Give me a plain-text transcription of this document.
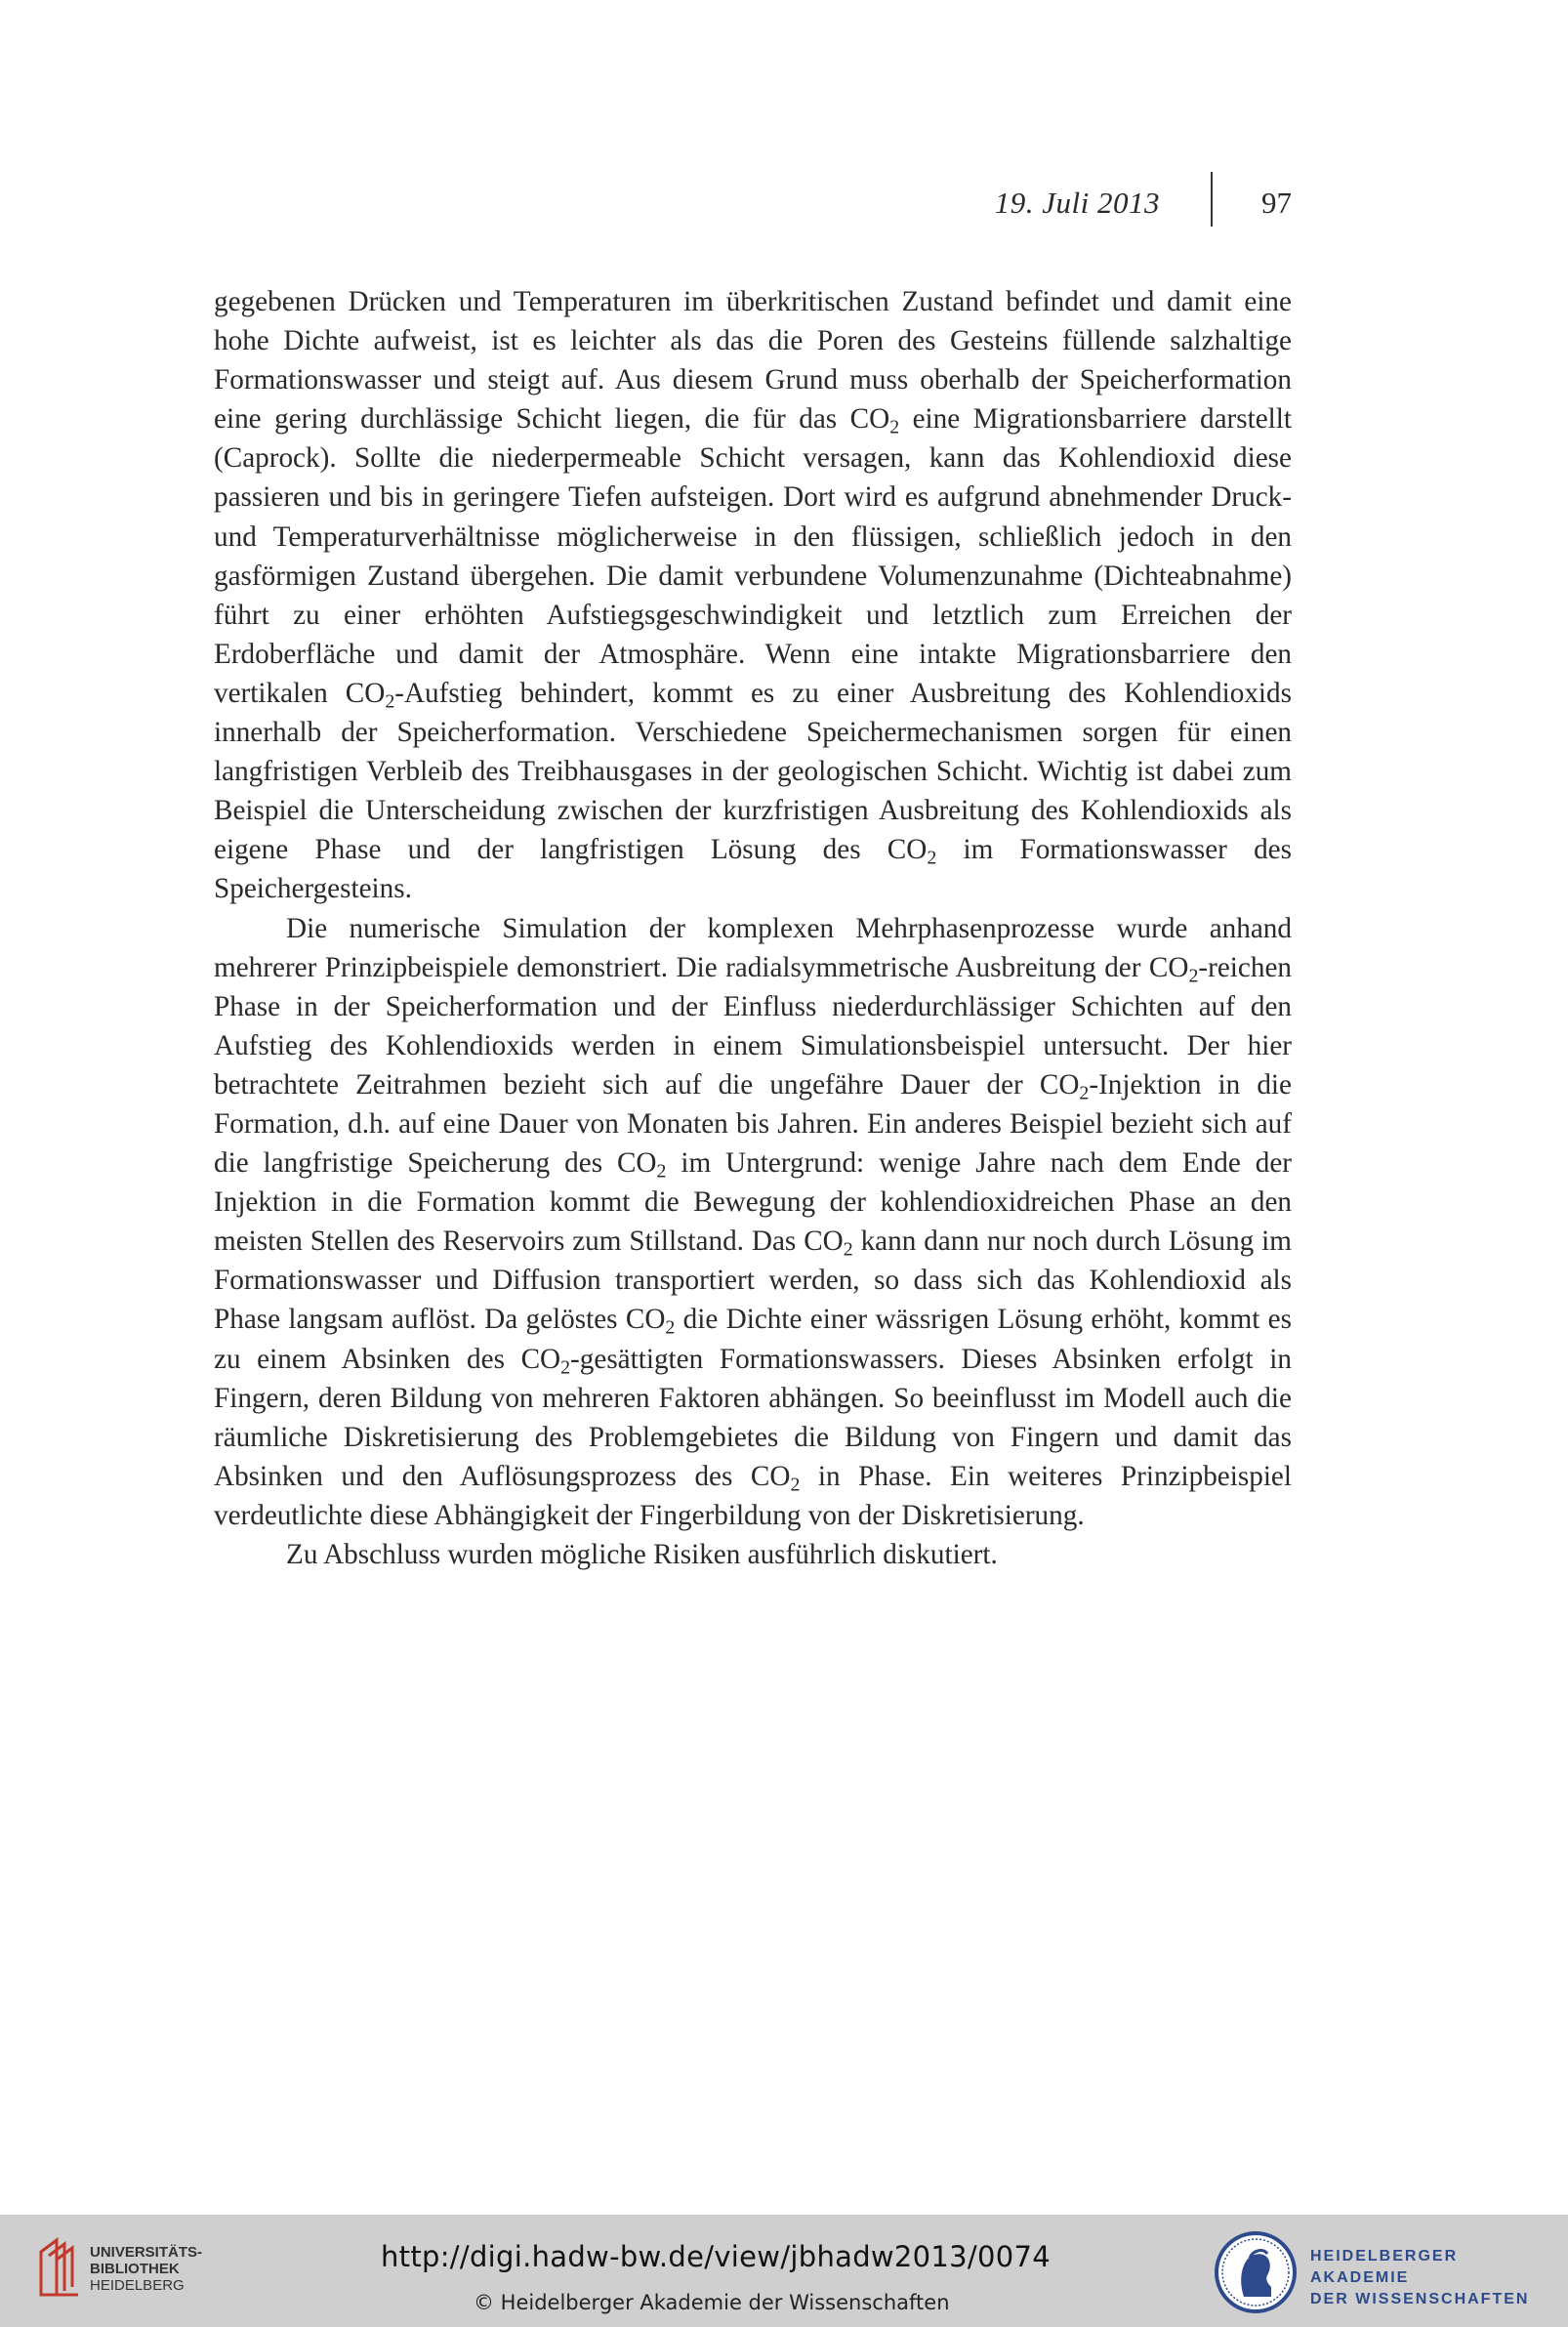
19. Juli 2013	97

gegebenen Drücken und Temperaturen im überkritischen Zustand befindet und damit eine hohe Dichte aufweist, ist es leichter als das die Poren des Gesteins füllende salzhaltige Formationswasser und steigt auf. Aus diesem Grund muss oberhalb der Speicherformation eine gering durchlässige Schicht liegen, die für das $CO_2$ eine Migrationsbarriere darstellt (Caprock). Sollte die niederpermeable Schicht versagen, kann das Kohlendioxid diese passieren und bis in geringere Tiefen aufsteigen. Dort wird es aufgrund abnehmender Druck- und Temperaturverhältnisse möglicherweise in den flüssigen, schließlich jedoch in den gasförmigen Zustand übergehen. Die damit verbundene Volumenzunahme (Dichteabnahme) führt zu einer erhöhten Aufstiegsgeschwindigkeit und letztlich zum Erreichen der Erdoberfläche und damit der Atmosphäre. Wenn eine intakte Migrationsbarriere den vertikalen $CO_2$-Aufstieg behindert, kommt es zu einer Ausbreitung des Kohlendioxids innerhalb der Speicherformation. Verschiedene Speichermechanismen sorgen für einen langfristigen Verbleib des Treibhausgases in der geologischen Schicht. Wichtig ist dabei zum Beispiel die Unterscheidung zwischen der kurzfristigen Ausbreitung des Kohlendioxids als eigene Phase und der langfristigen Lösung des $CO_2$ im Formationswasser des Speichergesteins.

Die numerische Simulation der komplexen Mehrphasenprozesse wurde anhand mehrerer Prinzipbeispiele demonstriert. Die radialsymmetrische Ausbreitung der $CO_2$-reichen Phase in der Speicherformation und der Einfluss niederdurchlässiger Schichten auf den Aufstieg des Kohlendioxids werden in einem Simulationsbeispiel untersucht. Der hier betrachtete Zeitrahmen bezieht sich auf die ungefähre Dauer der $CO_2$-Injektion in die Formation, d.h. auf eine Dauer von Monaten bis Jahren. Ein anderes Beispiel bezieht sich auf die langfristige Speicherung des $CO_2$ im Untergrund: wenige Jahre nach dem Ende der Injektion in die Formation kommt die Bewegung der kohlendioxidreichen Phase an den meisten Stellen des Reservoirs zum Stillstand. Das $CO_2$ kann dann nur noch durch Lösung im Formationswasser und Diffusion transportiert werden, so dass sich das Kohlendioxid als Phase langsam auflöst. Da gelöstes $CO_2$ die Dichte einer wässrigen Lösung erhöht, kommt es zu einem Absinken des $CO_2$-gesättigten Formationswassers. Dieses Absinken erfolgt in Fingern, deren Bildung von mehreren Faktoren abhängen. So beeinflusst im Modell auch die räumliche Diskretisierung des Problemgebietes die Bildung von Fingern und damit das Absinken und den Auflösungsprozess des $CO_2$ in Phase. Ein weiteres Prinzipbeispiel verdeutlichte diese Abhängigkeit der Fingerbildung von der Diskretisierung.

Zu Abschluss wurden mögliche Risiken ausführlich diskutiert.

UNIVERSITÄTS-
BIBLIOTHEK
HEIDELBERG
http://digi.hadw-bw.de/view/jbhadw2013/0074
© Heidelberger Akademie der Wissenschaften
HEIDELBERGER AKADEMIE
DER WISSENSCHAFTEN
